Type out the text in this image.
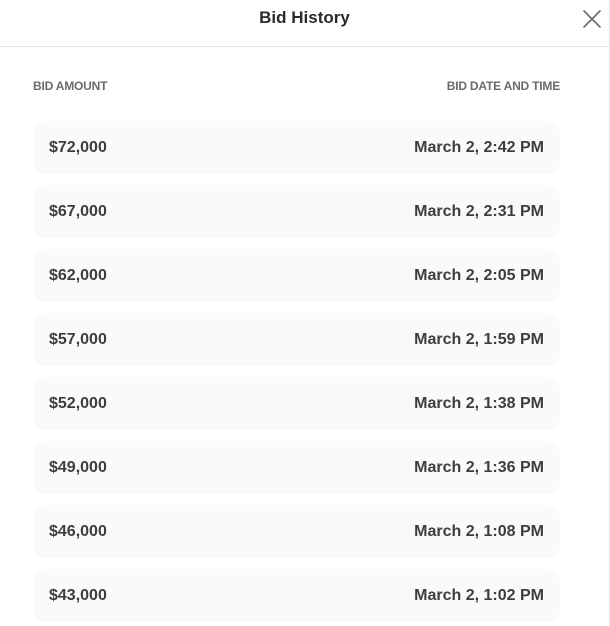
Bid History
BID AMOUNT	BID DATE AND TIME
$72,000	March 2, 2:42 PM
$67,000	March 2, 2:31 PM
$62,000	March 2, 2:05 PM
$57,000	March 2, 1:59 PM
$52,000	March 2, 1:38 PM
$49,000	March 2, 1:36 PM
$46,000	March 2, 1:08 PM
$43,000	March 2, 1:02 PM
